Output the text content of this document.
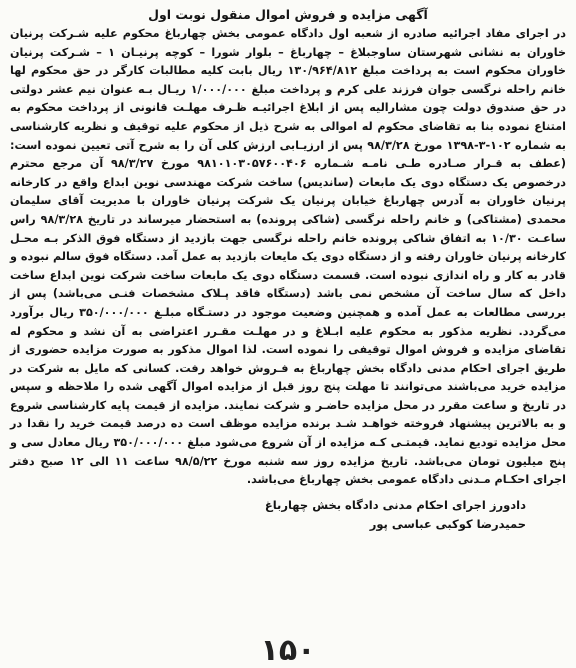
آگهی مزایده و فروش اموال منقول نوبت اول

در اجرای مفاد اجرائیه صادره از شعبه اول دادگاه عمومی بخش چهارباغ محکوم علیه شـرکت پرنیان خاوران به نشانی شهرستان ساوجبلاغ – چهارباغ – بلوار شورا – کوچه پرنیـان ۱ – شـرکت پرنیان خاوران محکوم است به پرداخت مبلغ ۱۳۰/۹۶۴/۸۱۲ ریال بابت کلیه مطالبات کارگر در حق محکوم لها خانم راحله نرگسی جوان فرزند علی کرم و پرداخت مبلغ ۱/۰۰۰/۰۰۰ ریـال بـه عنوان نیم عشر دولتی در حق صندوق دولت چون مشارالیه پس از ابلاغ اجرائیـه ظـرف مهلـت قانونی از پرداخت محکوم به امتناع نموده بنا به تقاضای محکوم له اموالی به شرح ذیل از محکوم علیه توقیف و نظریه کارشناسی به شماره ۱۰۲-۳-۱۳۹۸ مورخ ۹۸/۳/۲۸ پس از ارزیـابی ارزش کلی آن را به شرح آتی تعیین نموده است: (عطف به قـرار صـادره طـی نامـه شـماره ۹۸۱۰۱۰۳۰۵۷۶۰۰۴۰۶ مورخ ۹۸/۳/۲۷ آن مرجع محترم درخصوص یک دستگاه دوی یک مابعات (ساندیس) ساخت شرکت مهندسی نوین ابداع واقع در کارخانه پرنیان خاوران به آدرس چهارباغ خیابان پرنیان یک شرکت پرنیان خاوران با مدیریت آقای سلیمان محمدی (مشتاکی) و خانم راحله نرگسی (شاکی پرونده) به استحضار میرساند در تاریخ ۹۸/۳/۲۸ راس ساعـت ۱۰/۳۰ به اتفاق شاکی پرونده خانم راحله نرگسی جهت بازدید از دستگاه فوق الذکر بـه محـل کارخانه پرنیان خاوران رفته و از دستگاه دوی یک مایعات بازدید به عمل آمد. دستگاه فوق سالم نبوده و قادر به کار و راه اندازی نبوده است. قسمت دستگاه دوی یک مابعات ساخت شرکت نوین ابداع ساخت داخل که سال ساخت آن مشخص نمی باشد (دستگاه فاقد پـلاک مشخصات فنـی می‌باشد) پس از بررسی مطالعات به عمل آمده و همچنین وضعیت موجود در دستـگاه مبلـغ ۳۵۰/۰۰۰/۰۰۰ ریال برآورد می‌گردد. نظریه مذکور به محکوم علیه ابـلاغ و در مهلـت مقـرر اعتراضی به آن نشد و محکوم له تقاضای مزایده و فروش اموال توقیفی را نموده است. لذا اموال مذکور به صورت مزایده حضوری از طریق اجرای احکام مدنی دادگاه بخش چهارباغ به فـروش خواهد رفت. کسانی که مایل به شرکت در مزایده خرید می‌باشند می‌توانند تا مهلت پنج روز قبل از مزایده اموال آگهی شده را ملاحظه و سپس در تاریخ و ساعت مقرر در محل مزایده حاضـر و شرکت نمایند. مزایده از قیمت پایه کارشناسی شروع و به بالاترین پیشنهاد فروخته خواهـد شـد برنده مزایده موظف است ده درصد قیمت خرید را نقدا در محل مزایده تودیع نماید. قیمتـی کـه مزایده از آن شروع می‌شود مبلغ ۳۵۰/۰۰۰/۰۰۰ ریال معادل سی و پنج میلیون تومان می‌باشد. تاریخ مزایده روز سه شنبه مورخ ۹۸/۵/۲۲ ساعت ۱۱ الی ۱۲ صبح دفتر اجرای احکـام مـدنی دادگاه عمومی بخش چهارباغ می‌باشد.

دادورز اجرای احکام مدنی دادگاه بخش چهارباغ
حمیدرضا کوکبی عباسی پور
۱۵۰
